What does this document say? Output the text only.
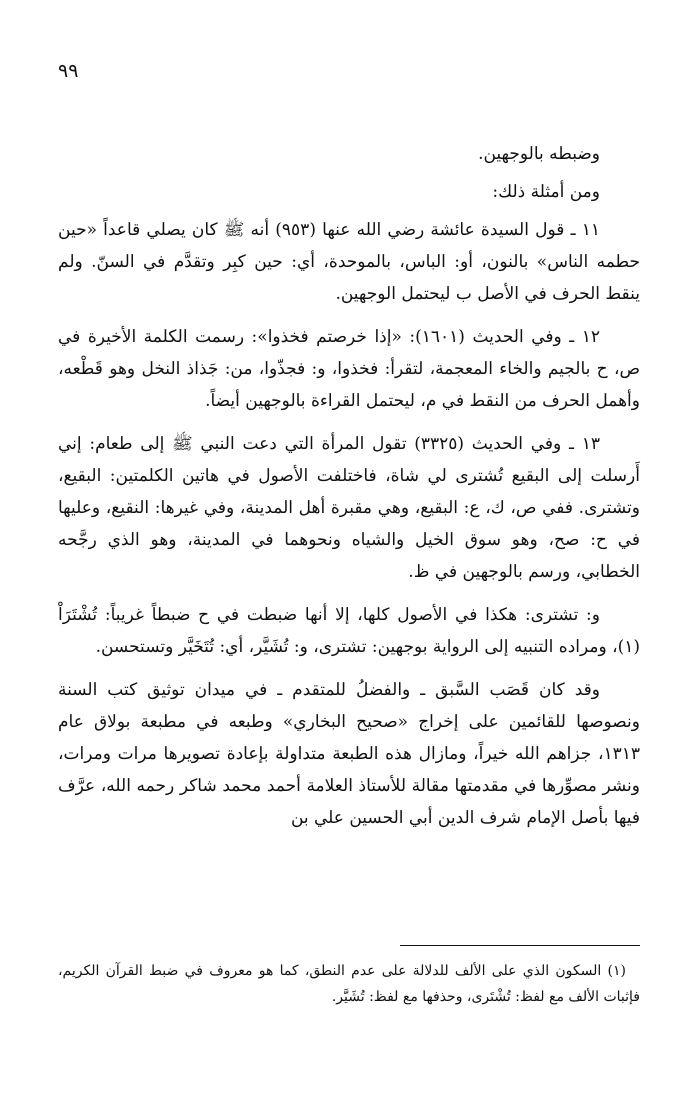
٩٩

وضبطه بالوجهين.

ومن أمثلة ذلك:

١١ ـ قول السيدة عائشة رضي الله عنها (٩٥٣) أنه ﷺ كان يصلي قاعداً «حين حطمه الناس» بالنون، أو: الباس، بالموحدة، أي: حين كبِر وتقدَّم في السنّ. ولم ينقط الحرف في الأصل ب ليحتمل الوجهين.

١٢ ـ وفي الحديث (١٦٠١): «إذا خرصتم فخذوا»: رسمت الكلمة الأخيرة في ص، ح بالجيم والخاء المعجمة، لتقرأ: فخذوا، و: فجذّوا، من: جَذاذ النخل وهو قَطْعه، وأهمل الحرف من النقط في م، ليحتمل القراءة بالوجهين أيضاً.

١٣ ـ وفي الحديث (٣٣٢٥) تقول المرأة التي دعت النبي ﷺ إلى طعام: إني أَرسلت إلى البقيع تُشترى لي شاة، فاختلفت الأصول في هاتين الكلمتين: البقيع، وتشترى. ففي ص، ك، ع: البقيع، وهي مقبرة أهل المدينة، وفي غيرها: النقيع، وعليها في ح: صح، وهو سوق الخيل والشياه ونحوهما في المدينة، وهو الذي رجَّحه الخطابي، ورسم بالوجهين في ظ.

و: تشترى: هكذا في الأصول كلها، إلا أنها ضبطت في ح ضبطاً غريباً: تُشْتَرَاْ (١)، ومراده التنبيه إلى الرواية بوجهين: تشترى، و: تُشَيَّر، أي: تُتَخَيَّر وتستحسن.

وقد كان قَصَب السَّبق ـ والفضلُ للمتقدم ـ في ميدان توثيق كتب السنة ونصوصها للقائمين على إخراج «صحيح البخاري» وطبعه في مطبعة بولاق عام ١٣١٣، جزاهم الله خيراً، ومازال هذه الطبعة متداولة بإعادة تصويرها مرات ومرات، ونشر مصوِّرها في مقدمتها مقالة للأستاذ العلامة أحمد محمد شاكر رحمه الله، عرَّف فيها بأصل الإمام شرف الدين أبي الحسين علي بن

(١) السكون الذي على الألف للدلالة على عدم النطق، كما هو معروف في ضبط القرآن الكريم، فإثبات الألف مع لفظ: تُشْتَرى، وحذفها مع لفظ: تُشَيَّر.
